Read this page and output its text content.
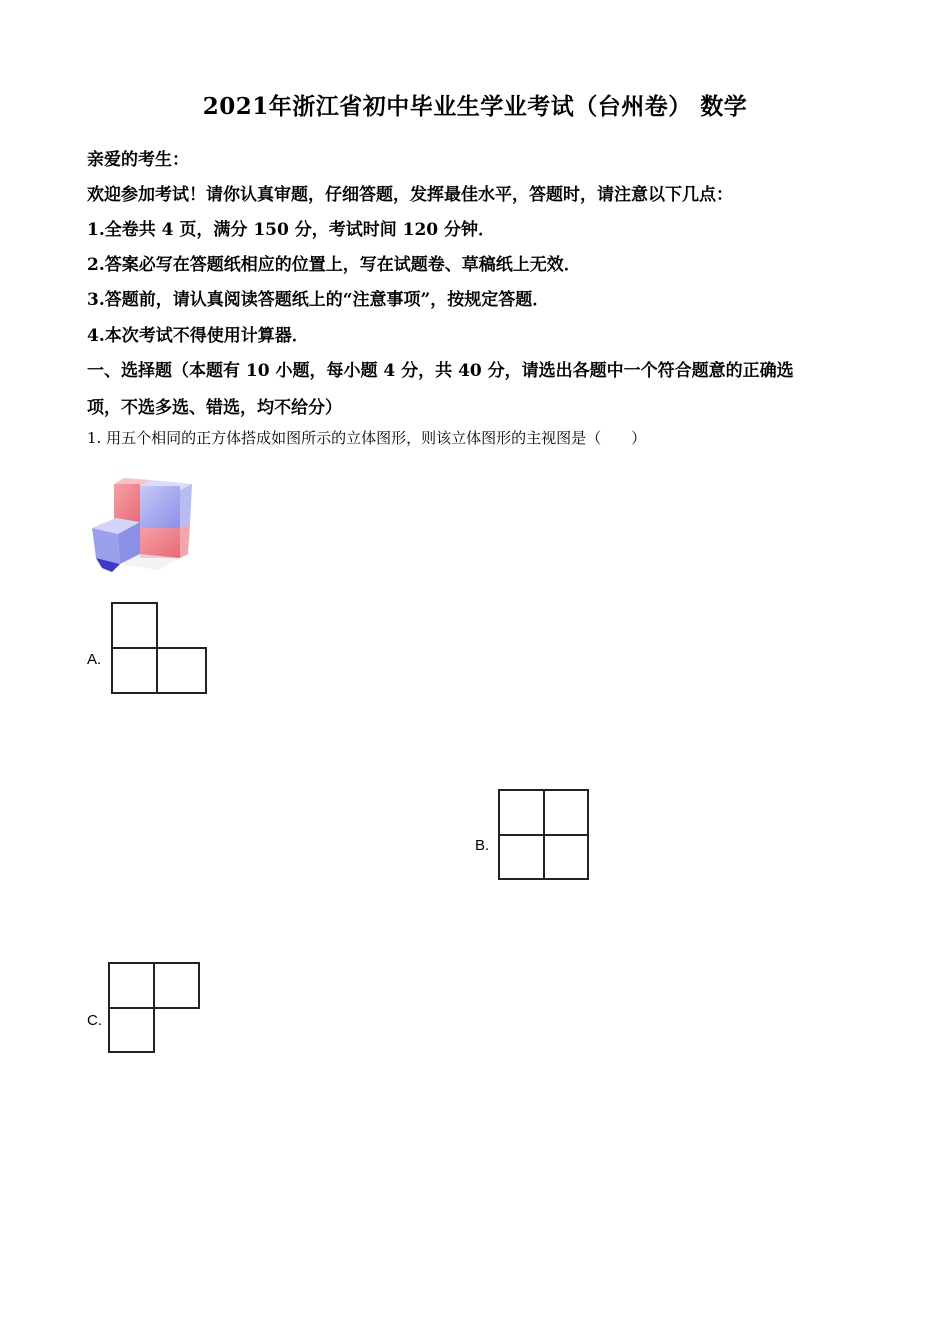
2021年浙江省初中毕业生学业考试（台州卷） 数学
亲爱的考生：
欢迎参加考试！请你认真审题，仔细答题，发挥最佳水平，答题时，请注意以下几点：
1.全卷共 4 页，满分 150 分，考试时间 120 分钟．
2.答案必写在答题纸相应的位置上，写在试题卷、草稿纸上无效．
3.答题前，请认真阅读答题纸上的“注意事项”，按规定答题．
4.本次考试不得使用计算器．
一、选择题（本题有 10 小题，每小题 4 分，共 40 分，请选出各题中一个符合题意的正确选
项，不选多选、错选，均不给分）
1. 用五个相同的正方体搭成如图所示的立体图形，则该立体图形的主视图是（　　）
A.
B.
C.
